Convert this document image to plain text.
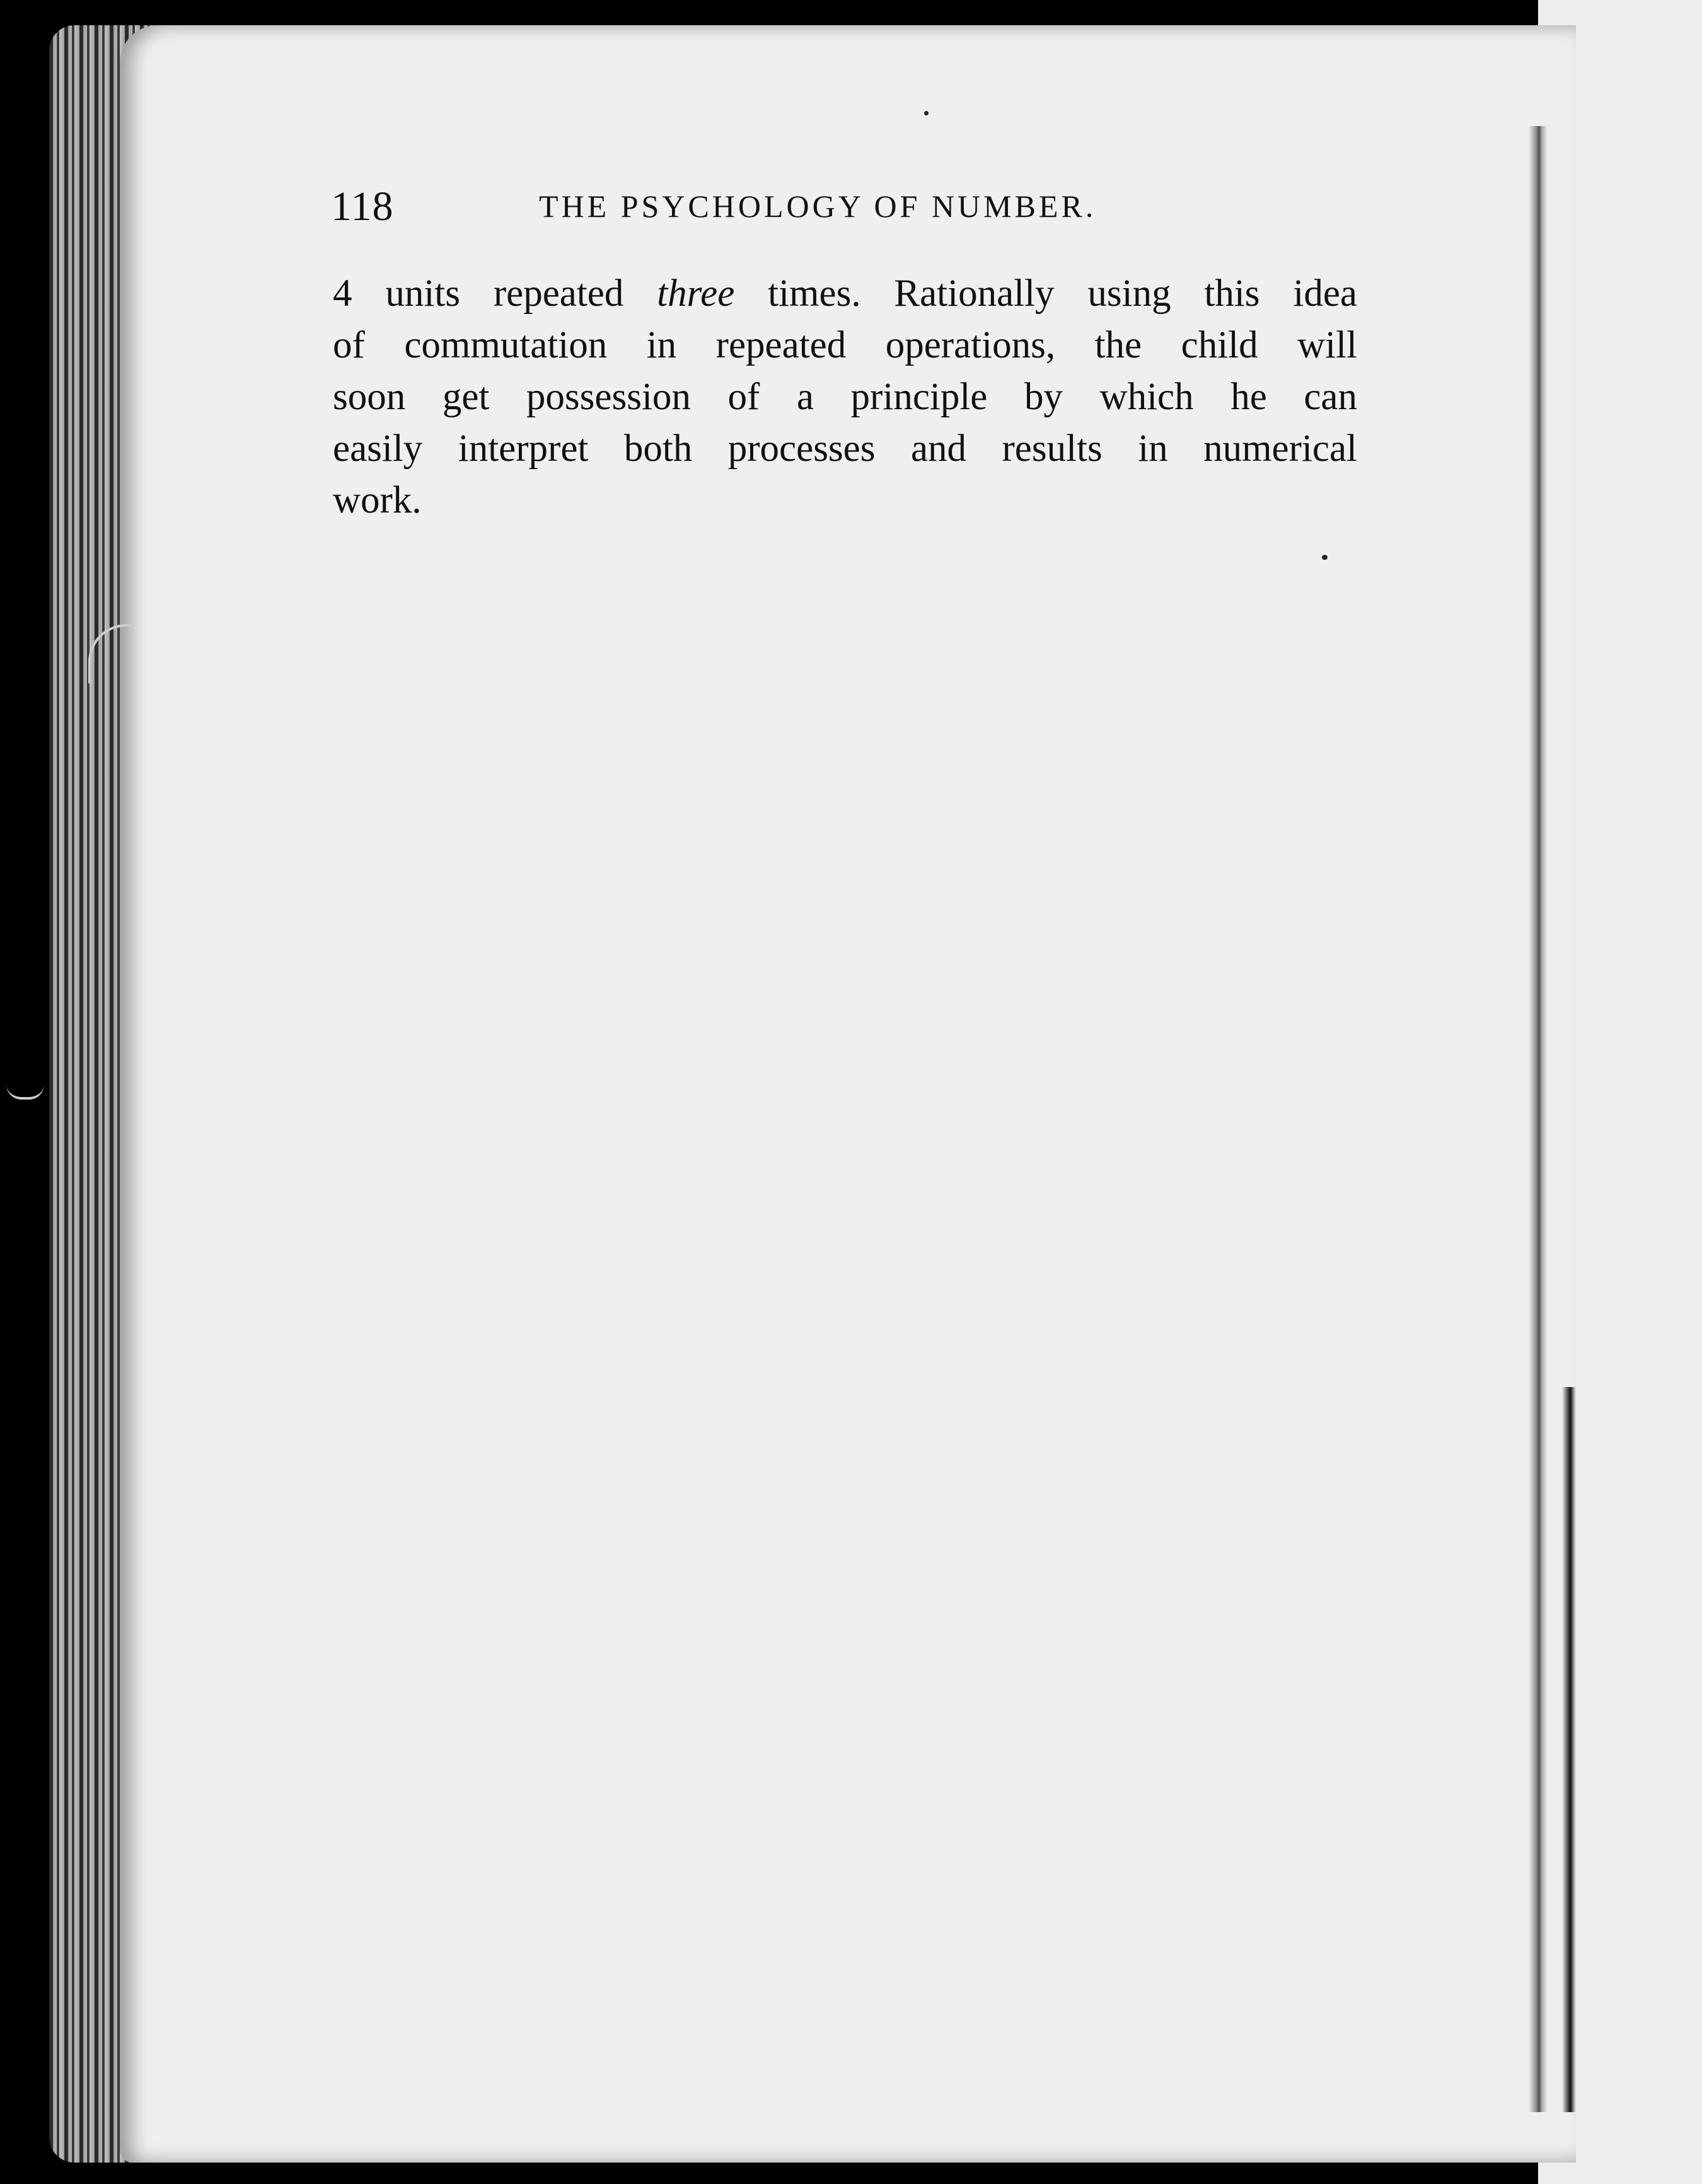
118	THE PSYCHOLOGY OF NUMBER.
4 units repeated three times. Rationally using this idea
of commutation in repeated operations, the child will
soon get possession of a principle by which he can
easily interpret both processes and results in numerical
work.
